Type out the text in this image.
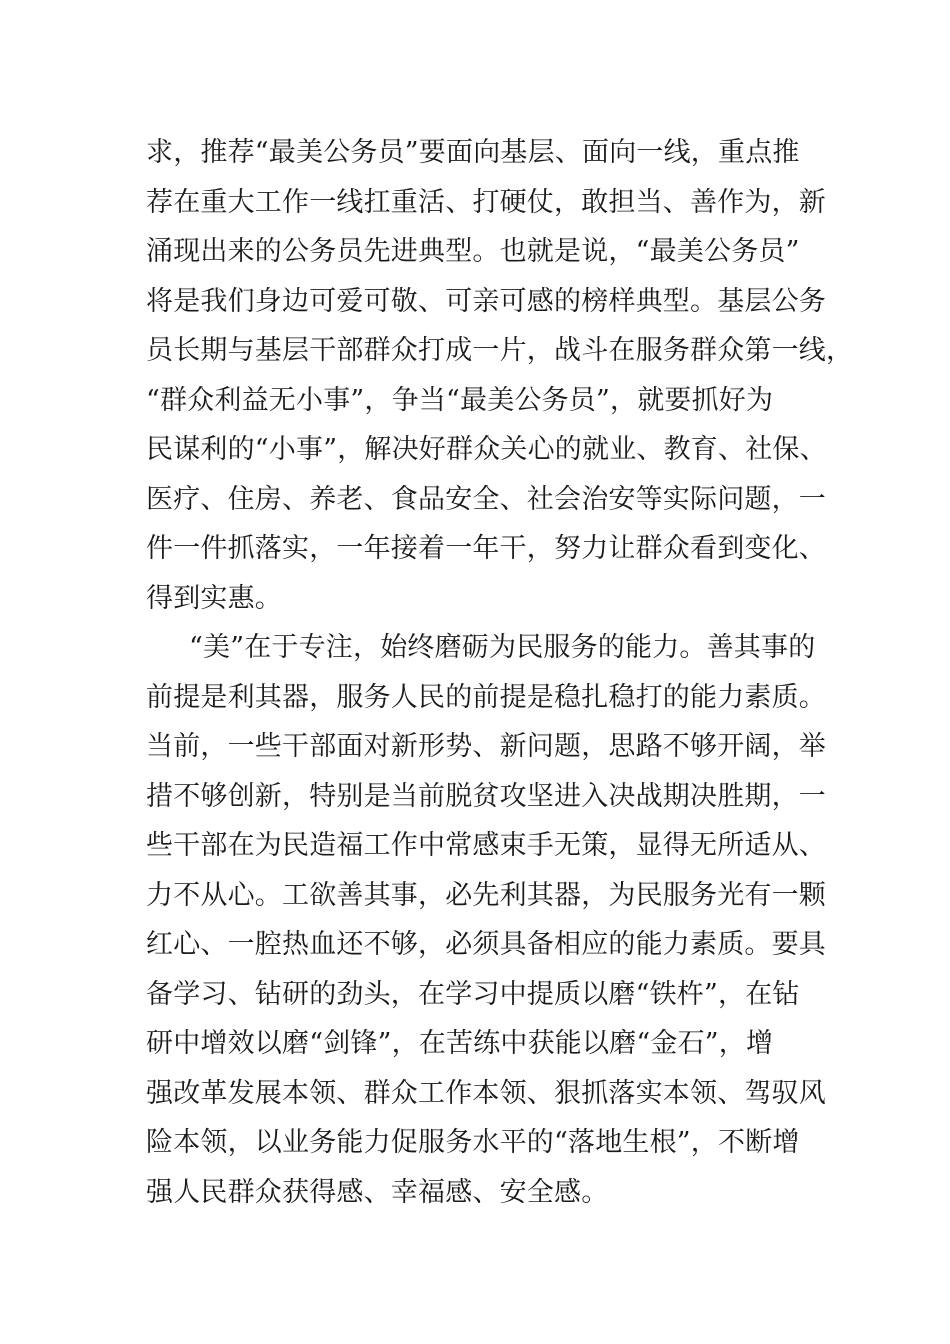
求，推荐“最美公务员”要面向基层、面向一线，重点推
荐在重大工作一线扛重活、打硬仗，敢担当、善作为，新
涌现出来的公务员先进典型。也就是说，“最美公务员”
将是我们身边可爱可敬、可亲可感的榜样典型。基层公务
员长期与基层干部群众打成一片，战斗在服务群众第一线，
“群众利益无小事”，争当“最美公务员”，就要抓好为
民谋利的“小事”，解决好群众关心的就业、教育、社保、
医疗、住房、养老、食品安全、社会治安等实际问题，一
件一件抓落实，一年接着一年干，努力让群众看到变化、
得到实惠。
“美”在于专注，始终磨砺为民服务的能力。善其事的
前提是利其器，服务人民的前提是稳扎稳打的能力素质。
当前，一些干部面对新形势、新问题，思路不够开阔，举
措不够创新，特别是当前脱贫攻坚进入决战期决胜期，一
些干部在为民造福工作中常感束手无策，显得无所适从、
力不从心。工欲善其事，必先利其器，为民服务光有一颗
红心、一腔热血还不够，必须具备相应的能力素质。要具
备学习、钻研的劲头，在学习中提质以磨“铁杵”，在钻
研中增效以磨“剑锋”，在苦练中获能以磨“金石”，增
强改革发展本领、群众工作本领、狠抓落实本领、驾驭风
险本领，以业务能力促服务水平的“落地生根”，不断增
强人民群众获得感、幸福感、安全感。
